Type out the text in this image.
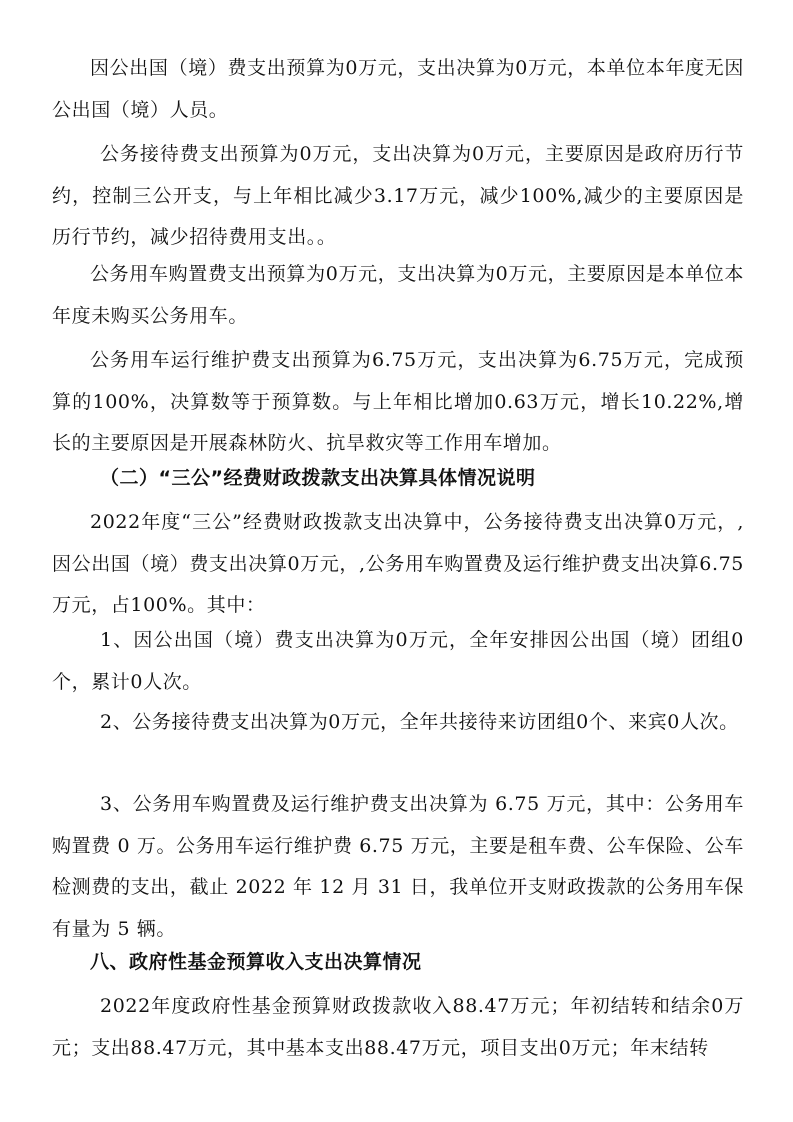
因公出国（境）费支出预算为0万元，支出决算为0万元，本单位本年度无因公出国（境）人员。

公务接待费支出预算为0万元，支出决算为0万元，主要原因是政府历行节约，控制三公开支，与上年相比减少3.17万元，减少100%,减少的主要原因是历行节约，减少招待费用支出。。

公务用车购置费支出预算为0万元，支出决算为0万元，主要原因是本单位本年度未购买公务用车。

公务用车运行维护费支出预算为6.75万元，支出决算为6.75万元，完成预算的100%，决算数等于预算数。与上年相比增加0.63万元，增长10.22%,增长的主要原因是开展森林防火、抗旱救灾等工作用车增加。

（二）“三公”经费财政拨款支出决算具体情况说明

2022年度“三公”经费财政拨款支出决算中，公务接待费支出决算0万元，,因公出国（境）费支出决算0万元，,公务用车购置费及运行维护费支出决算6.75万元，占100%。其中：

1、因公出国（境）费支出决算为0万元，全年安排因公出国（境）团组0个，累计0人次。

2、公务接待费支出决算为0万元，全年共接待来访团组0个、来宾0人次。

3、公务用车购置费及运行维护费支出决算为 6.75 万元，其中：公务用车购置费 0 万。公务用车运行维护费 6.75 万元，主要是租车费、公车保险、公车检测费的支出，截止 2022 年 12 月 31 日，我单位开支财政拨款的公务用车保有量为 5 辆。

八、政府性基金预算收入支出决算情况

2022年度政府性基金预算财政拨款收入88.47万元；年初结转和结余0万元；支出88.47万元，其中基本支出88.47万元，项目支出0万元；年末结转
